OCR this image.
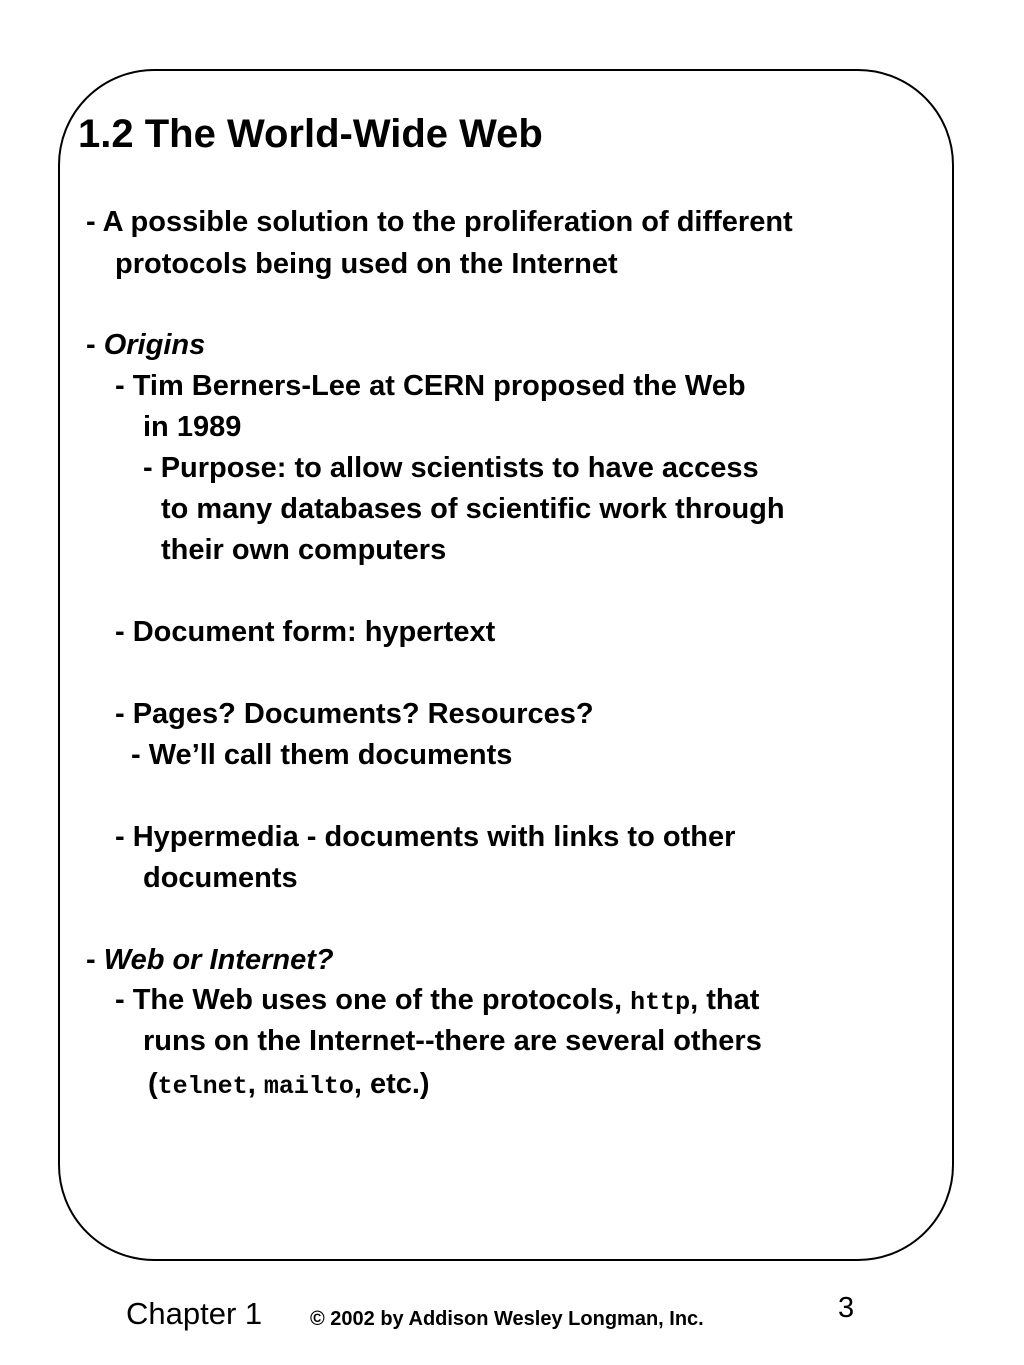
1.2 The World-Wide Web
- A possible solution to the proliferation of different
protocols being used on the Internet
- Origins
- Tim Berners-Lee at CERN proposed the Web
in 1989
- Purpose: to allow scientists to have access
to many databases of scientific work through
their own computers
- Document form: hypertext
- Pages? Documents? Resources?
- We’ll call them documents
- Hypermedia - documents with links to other
documents
- Web or Internet?
- The Web uses one of the protocols, http, that
runs on the Internet--there are several others
(telnet, mailto, etc.)
Chapter 1 © 2002 by Addison Wesley Longman, Inc.	3
